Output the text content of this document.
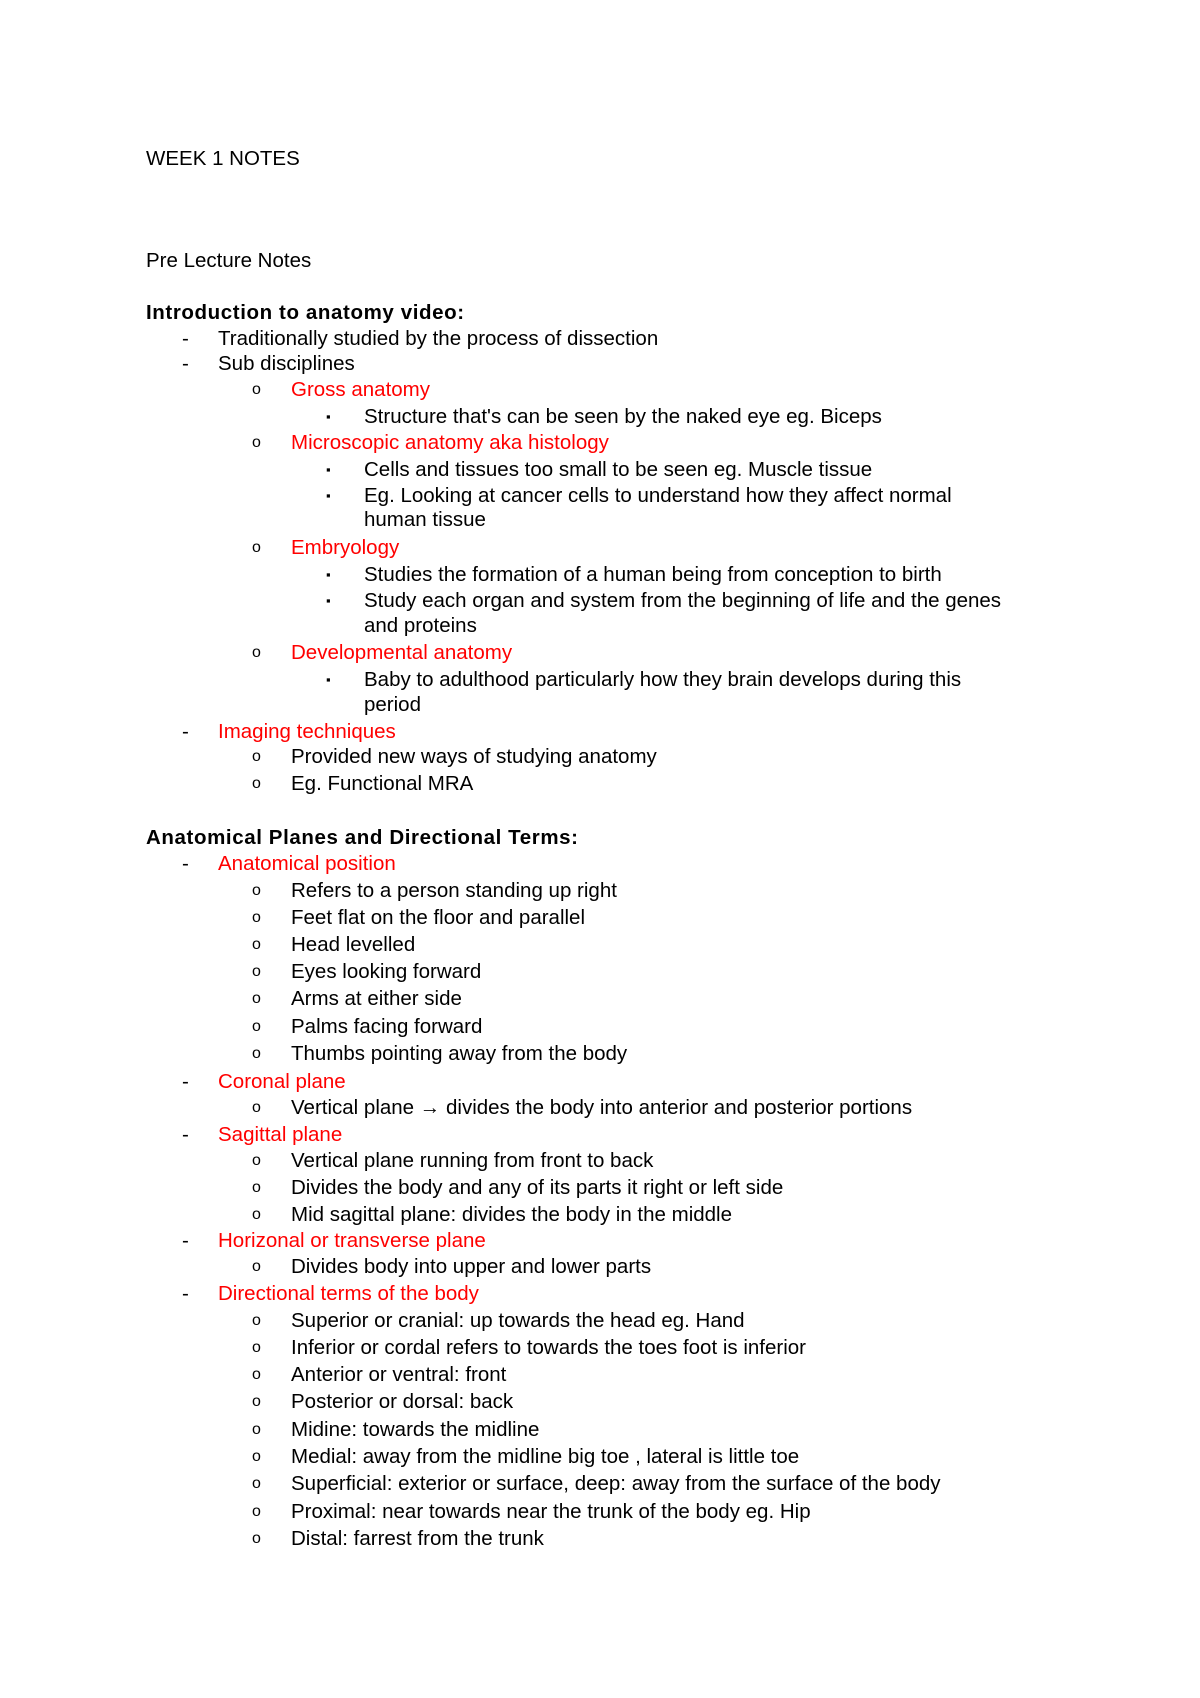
WEEK 1 NOTES
Pre Lecture Notes
Introduction to anatomy video:
- Traditionally studied by the process of dissection
- Sub disciplines
o Gross anatomy
▪ Structure that's can be seen by the naked eye eg. Biceps
o Microscopic anatomy aka histology
▪ Cells and tissues too small to be seen eg. Muscle tissue
▪ Eg. Looking at cancer cells to understand how they affect normal
human tissue
o Embryology
▪ Studies the formation of a human being from conception to birth
▪ Study each organ and system from the beginning of life and the genes
and proteins
o Developmental anatomy
▪ Baby to adulthood particularly how they brain develops during this
period
- Imaging techniques
o Provided new ways of studying anatomy
o Eg. Functional MRA
Anatomical Planes and Directional Terms:
- Anatomical position
o Refers to a person standing up right
o Feet flat on the floor and parallel
o Head levelled
o Eyes looking forward
o Arms at either side
o Palms facing forward
o Thumbs pointing away from the body
- Coronal plane
o Vertical plane → divides the body into anterior and posterior portions
- Sagittal plane
o Vertical plane running from front to back
o Divides the body and any of its parts it right or left side
o Mid sagittal plane: divides the body in the middle
- Horizonal or transverse plane
o Divides body into upper and lower parts
- Directional terms of the body
o Superior or cranial: up towards the head eg. Hand
o Inferior or cordal refers to towards the toes foot is inferior
o Anterior or ventral: front
o Posterior or dorsal: back
o Midine: towards the midline
o Medial: away from the midline big toe , lateral is little toe
o Superficial: exterior or surface, deep: away from the surface of the body
o Proximal: near towards near the trunk of the body eg. Hip
o Distal: farrest from the trunk
